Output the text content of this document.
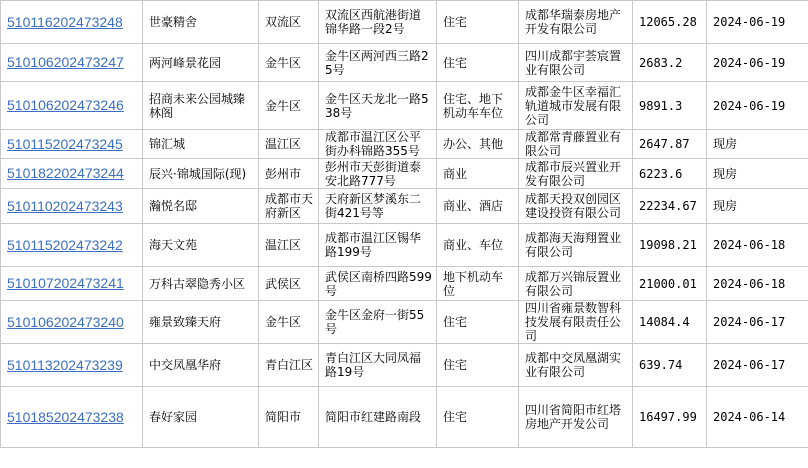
510116202473248	世豪精舍	双流区	双流区西航港街道锦华路一段2号	住宅	成都华瑞泰房地产开发有限公司	12065.28	2024-06-19
510106202473247	两河峰景花园	金牛区	金牛区两河西三路25号	住宅	四川成都宇荟宸置业有限公司	2683.2	2024-06-19
510106202473246	招商未来公园城臻林阁	金牛区	金牛区天龙北一路538号	住宅、地下机动车车位	成都金牛区幸福汇轨道城市发展有限公司	9891.3	2024-06-19
510115202473245	锦汇城	温江区	成都市温江区公平街办科锦路355号	办公、其他	成都常青藤置业有限公司	2647.87	现房
510182202473244	辰兴·锦城国际(现)	彭州市	彭州市天彭街道泰安北路777号	商业	成都市辰兴置业开发有限公司	6223.6	现房
510110202473243	瀚悦名邸	成都市天府新区	天府新区梦溪东二街421号等	商业、酒店	成都天投双创园区建设投资有限公司	22234.67	现房
510115202473242	海天文苑	温江区	成都市温江区锡华路199号	商业、车位	成都海天海翔置业有限公司	19098.21	2024-06-18
510107202473241	万科古翠隐秀小区	武侯区	武侯区南桥四路599号	地下机动车位	成都万兴锦辰置业有限公司	21000.01	2024-06-18
510106202473240	雍景致臻天府	金牛区	金牛区金府一街55号	住宅	四川省雍景数智科技发展有限责任公司	14084.4	2024-06-17
510113202473239	中交凤凰华府	青白江区	青白江区大同凤福路19号	住宅	成都中交凤凰湖实业有限公司	639.74	2024-06-17
510185202473238	春好家园	简阳市	简阳市红建路南段	住宅	四川省简阳市红塔房地产开发公司	16497.99	2024-06-14
